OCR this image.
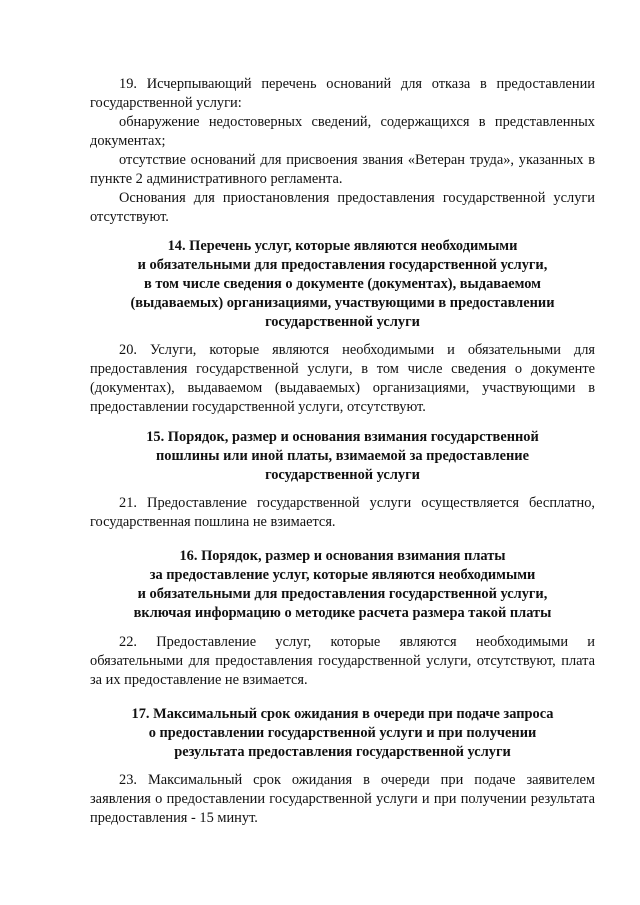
19. Исчерпывающий перечень оснований для отказа в предоставлении государственной услуги:

обнаружение недостоверных сведений, содержащихся в представленных документах;

отсутствие оснований для присвоения звания «Ветеран труда», указанных в пункте 2 административного регламента.

Основания для приостановления предоставления государственной услуги отсутствуют.

14. Перечень услуг, которые являются необходимыми
и обязательными для предоставления государственной услуги,
в том числе сведения о документе (документах), выдаваемом
(выдаваемых) организациями, участвующими в предоставлении
государственной услуги

20. Услуги, которые являются необходимыми и обязательными для предоставления государственной услуги, в том числе сведения о документе (документах), выдаваемом (выдаваемых) организациями, участвующими в предоставлении государственной услуги, отсутствуют.

15. Порядок, размер и основания взимания государственной
пошлины или иной платы, взимаемой за предоставление
государственной услуги

21. Предоставление государственной услуги осуществляется бесплатно, государственная пошлина не взимается.

16. Порядок, размер и основания взимания платы
за предоставление услуг, которые являются необходимыми
и обязательными для предоставления государственной услуги,
включая информацию о методике расчета размера такой платы

22. Предоставление услуг, которые являются необходимыми и обязательными для предоставления государственной услуги, отсутствуют, плата за их предоставление не взимается.

17. Максимальный срок ожидания в очереди при подаче запроса
о предоставлении государственной услуги и при получении
результата предоставления государственной услуги

23. Максимальный срок ожидания в очереди при подаче заявителем заявления о предоставлении государственной услуги и при получении результата предоставления - 15 минут.
